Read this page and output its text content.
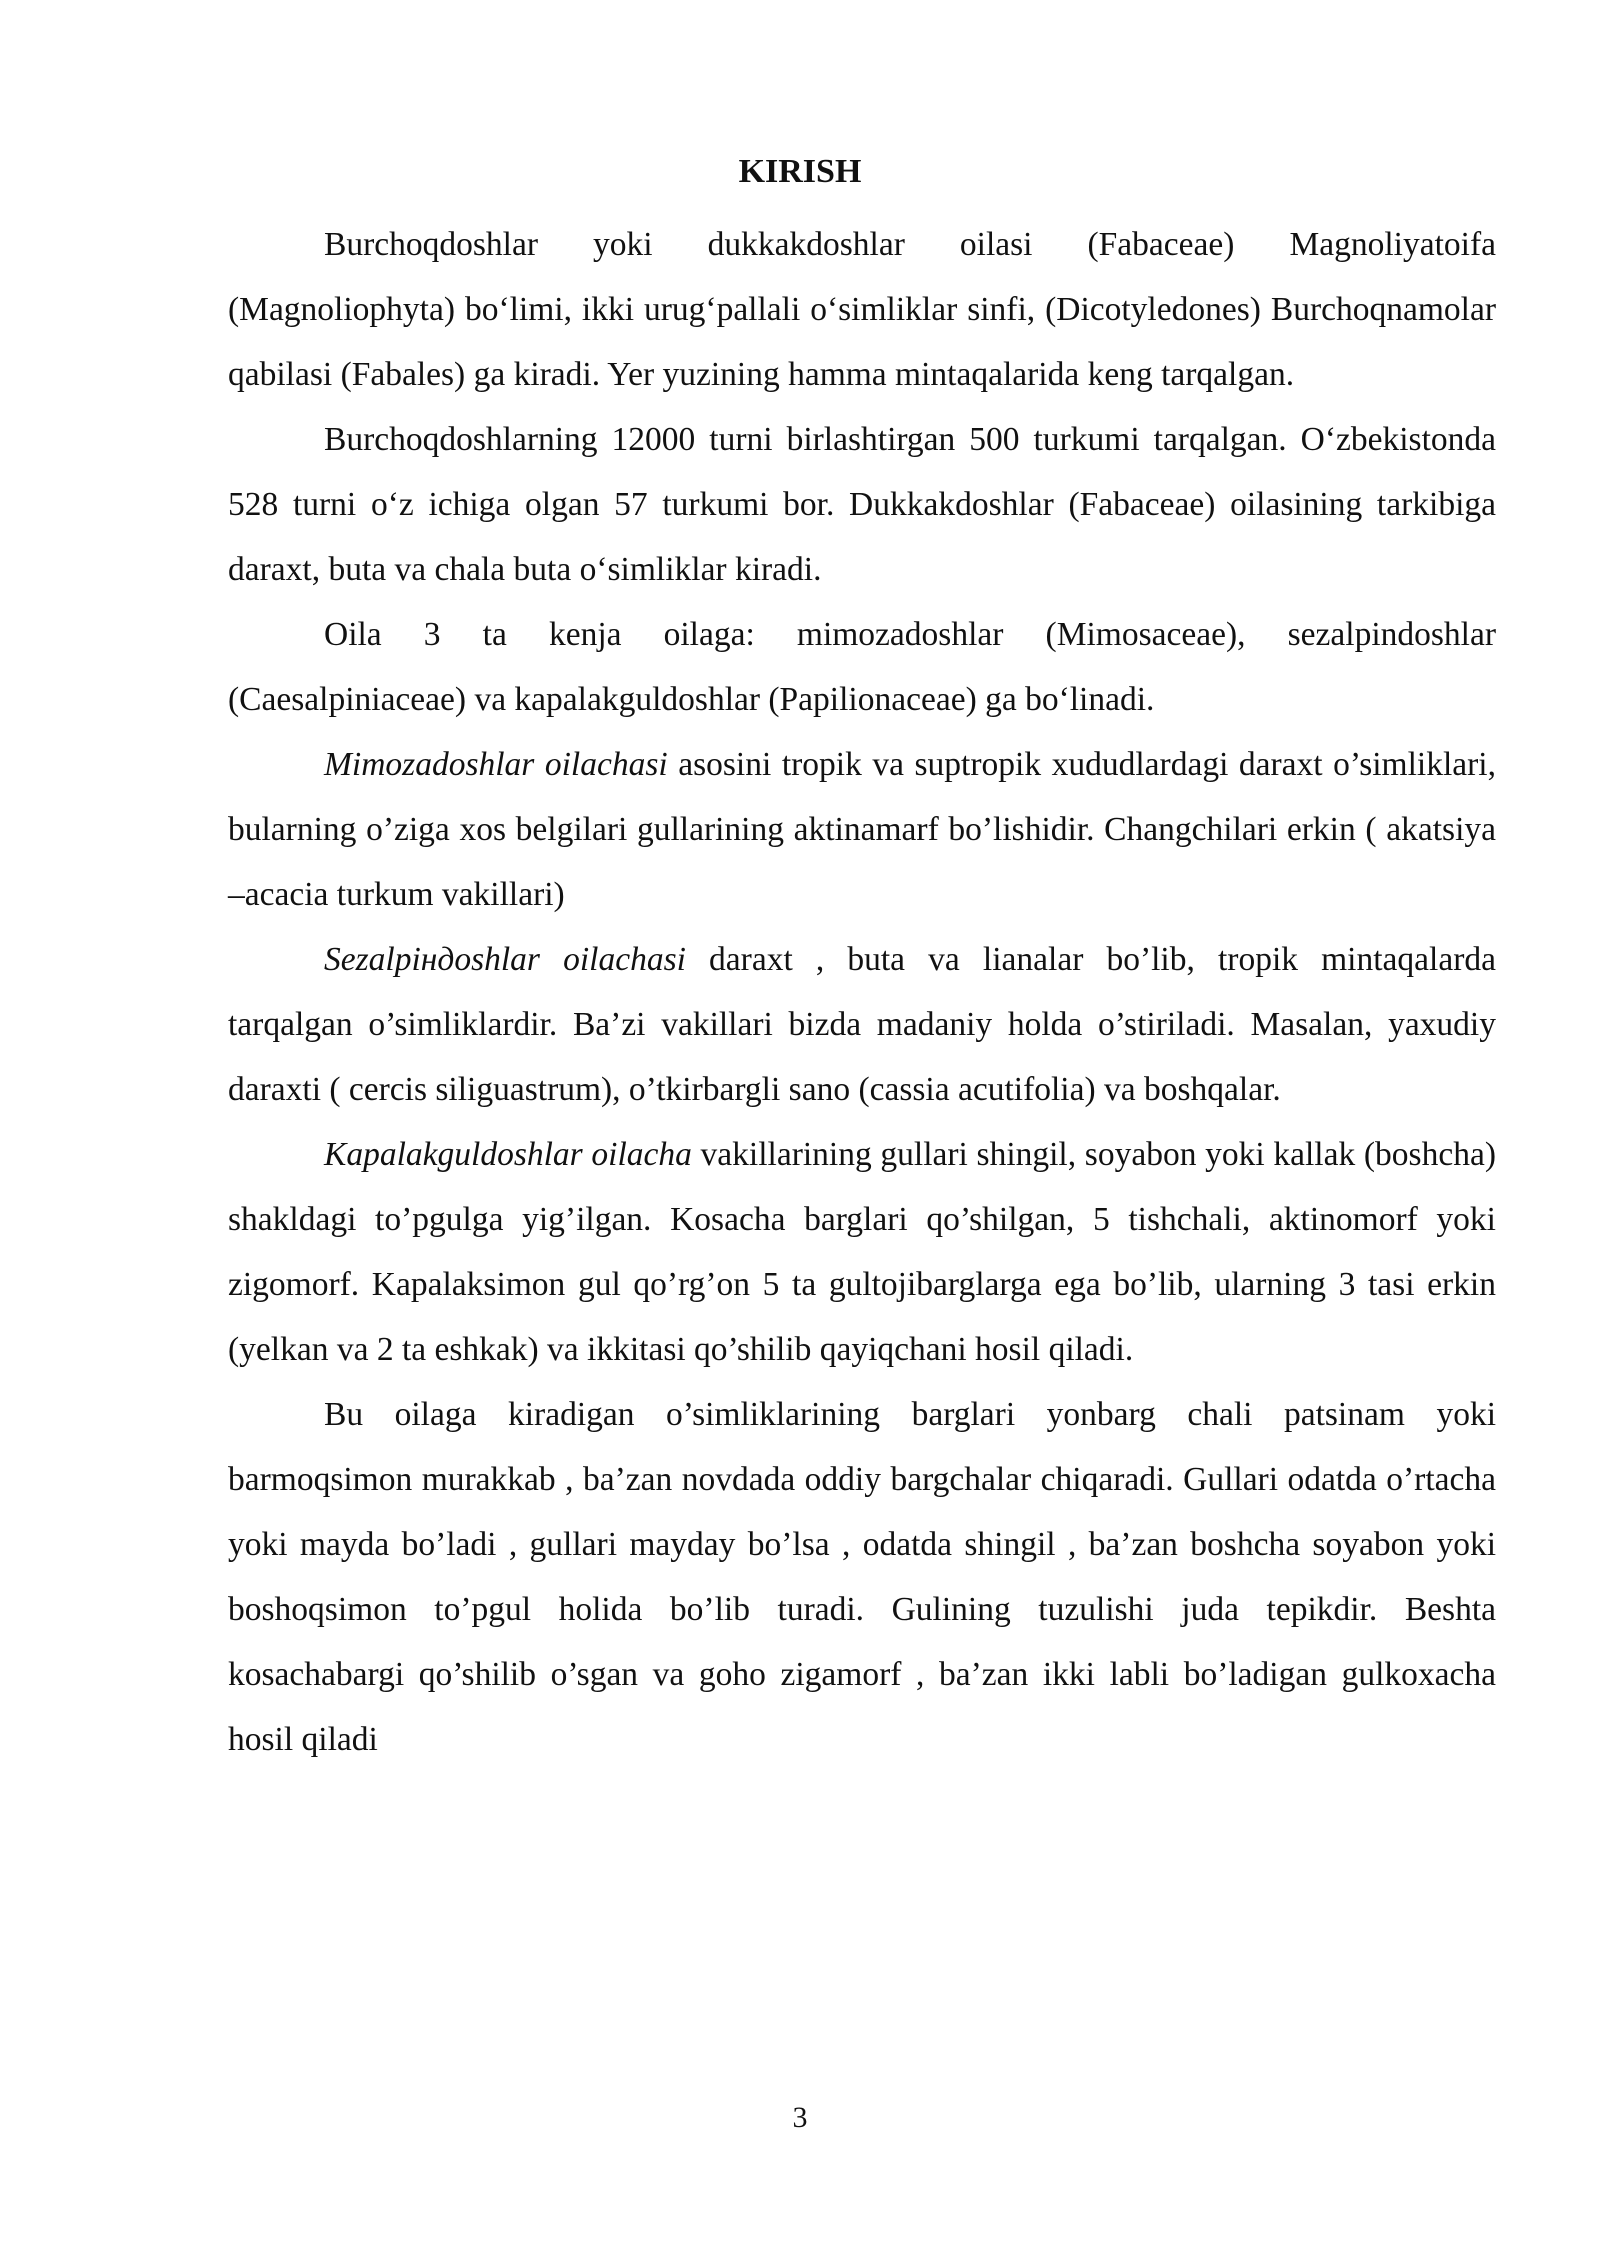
KIRISH

Burchoqdoshlar yoki dukkakdoshlar oilasi (Fabaceae) Magnoliyatoifa (Magnoliophyta) bo‘limi, ikki urug‘pallali o‘simliklar sinfi, (Dicotyledones) Burchoqnamolar qabilasi (Fabales) ga kiradi. Yer yuzining hamma mintaqalarida keng tarqalgan.

Burchoqdoshlarning 12000 turni birlashtirgan 500 turkumi tarqalgan. O‘zbekistonda 528 turni o‘z ichiga olgan 57 turkumi bor. Dukkakdoshlar (Fabaceae) oilasining tarkibiga daraxt, buta va chala buta o‘simliklar kiradi.

Oila 3 ta kenja oilaga: mimozadoshlar (Mimosaceae), sezalpindoshlar (Caesalpiniaceae) va kapalakguldoshlar (Papilionaceae) ga bo‘linadi.

Mimozadoshlar oilachasi asosini tropik va suptropik xududlardagi daraxt o’simliklari, bularning o’ziga xos belgilari gullarining aktinamarf bo’lishidir. Changchilari erkin ( akatsiya –acacia turkum vakillari)

Sezalpiндoshlar oilachasi daraxt , buta va lianalar bo’lib, tropik mintaqalarda tarqalgan o’simliklardir. Ba’zi vakillari bizda madaniy holda o’stiriladi. Masalan, yaxudiy daraxti ( cercis siliguastrum), o’tkirbargli sano (cassia acutifolia) va boshqalar.

Kapalakguldoshlar oilacha vakillarining gullari shingil, soyabon yoki kallak (boshcha) shakldagi to’pgulga yig’ilgan. Kosacha barglari qo’shilgan, 5 tishchali, aktinomorf yoki zigomorf. Kapalaksimon gul qo’rg’on 5 ta gultojibarglarga ega bo’lib, ularning 3 tasi erkin (yelkan va 2 ta eshkak) va ikkitasi qo’shilib qayiqchani hosil qiladi.

Bu oilaga kiradigan o’simliklarining barglari yonbarg chali patsinam yoki barmoqsimon murakkab , ba’zan novdada oddiy bargchalar chiqaradi. Gullari odatda o’rtacha yoki mayda bo’ladi , gullari mayday bo’lsa , odatda shingil , ba’zan boshcha soyabon yoki boshoqsimon to’pgul holida bo’lib turadi. Gulining tuzulishi juda tepikdir. Beshta kosachabargi qo’shilib o’sgan va goho zigamorf , ba’zan ikki labli bo’ladigan gulkoxacha hosil qiladi

3
